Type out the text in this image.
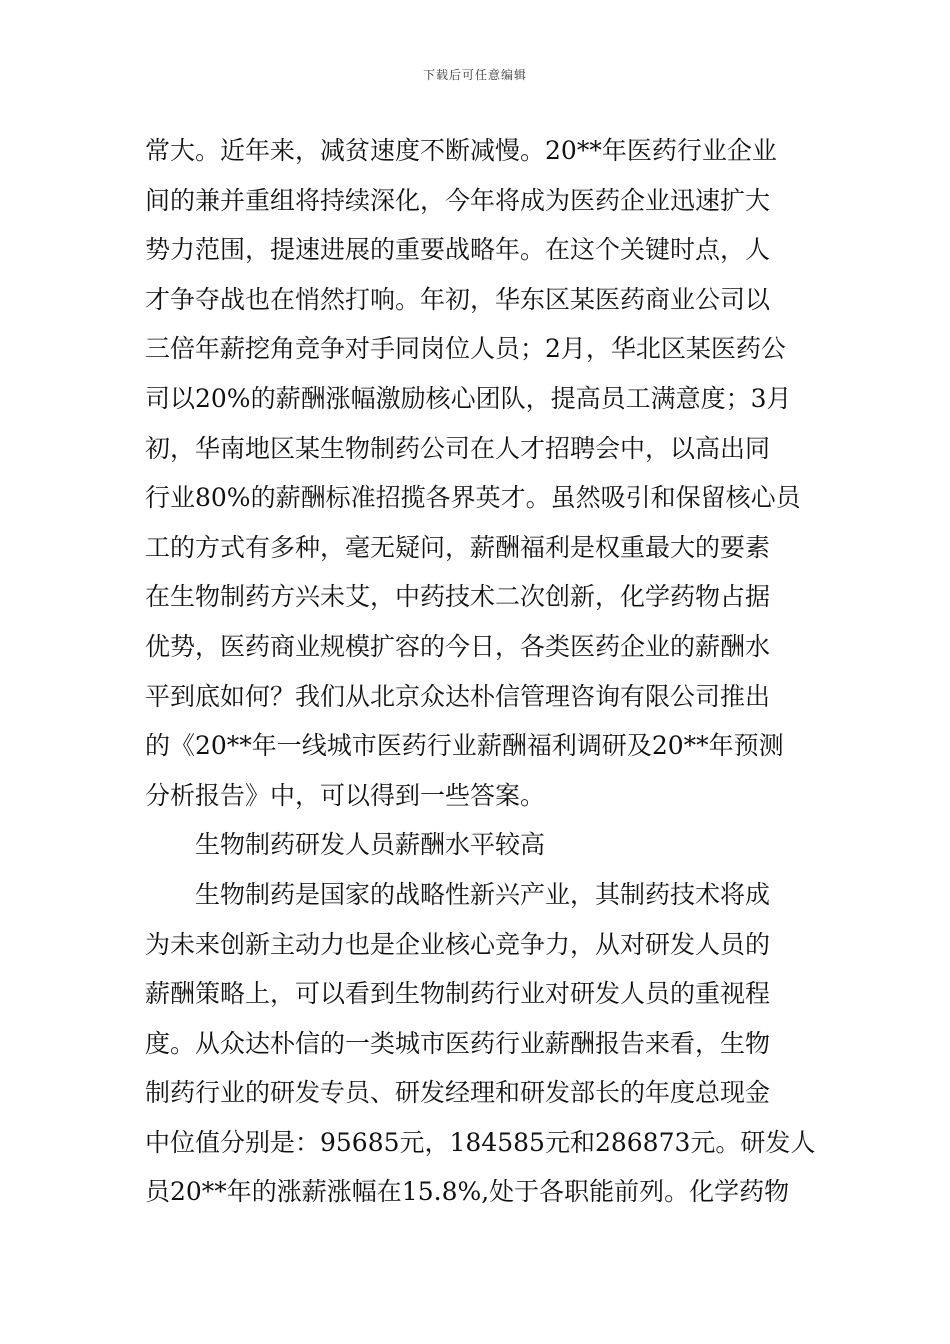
下载后可任意编辑
常大。近年来，减贫速度不断减慢。20**年医药行业企业
间的兼并重组将持续深化，今年将成为医药企业迅速扩大
势力范围，提速进展的重要战略年。在这个关键时点，人
才争夺战也在悄然打响。年初，华东区某医药商业公司以
三倍年薪挖角竞争对手同岗位人员；2月，华北区某医药公
司以20%的薪酬涨幅激励核心团队，提高员工满意度；3月
初，华南地区某生物制药公司在人才招聘会中，以高出同
行业80%的薪酬标准招揽各界英才。虽然吸引和保留核心员
工的方式有多种，毫无疑问，薪酬福利是权重最大的要素
在生物制药方兴未艾，中药技术二次创新，化学药物占据
优势，医药商业规模扩容的今日，各类医药企业的薪酬水
平到底如何？我们从北京众达朴信管理咨询有限公司推出
的《20**年一线城市医药行业薪酬福利调研及20**年预测
分析报告》中，可以得到一些答案。
生物制药研发人员薪酬水平较高
生物制药是国家的战略性新兴产业，其制药技术将成
为未来创新主动力也是企业核心竞争力，从对研发人员的
薪酬策略上，可以看到生物制药行业对研发人员的重视程
度。从众达朴信的一类城市医药行业薪酬报告来看，生物
制药行业的研发专员、研发经理和研发部长的年度总现金
中位值分别是：95685元，184585元和286873元。研发人
员20**年的涨薪涨幅在15.8%,处于各职能前列。化学药物
